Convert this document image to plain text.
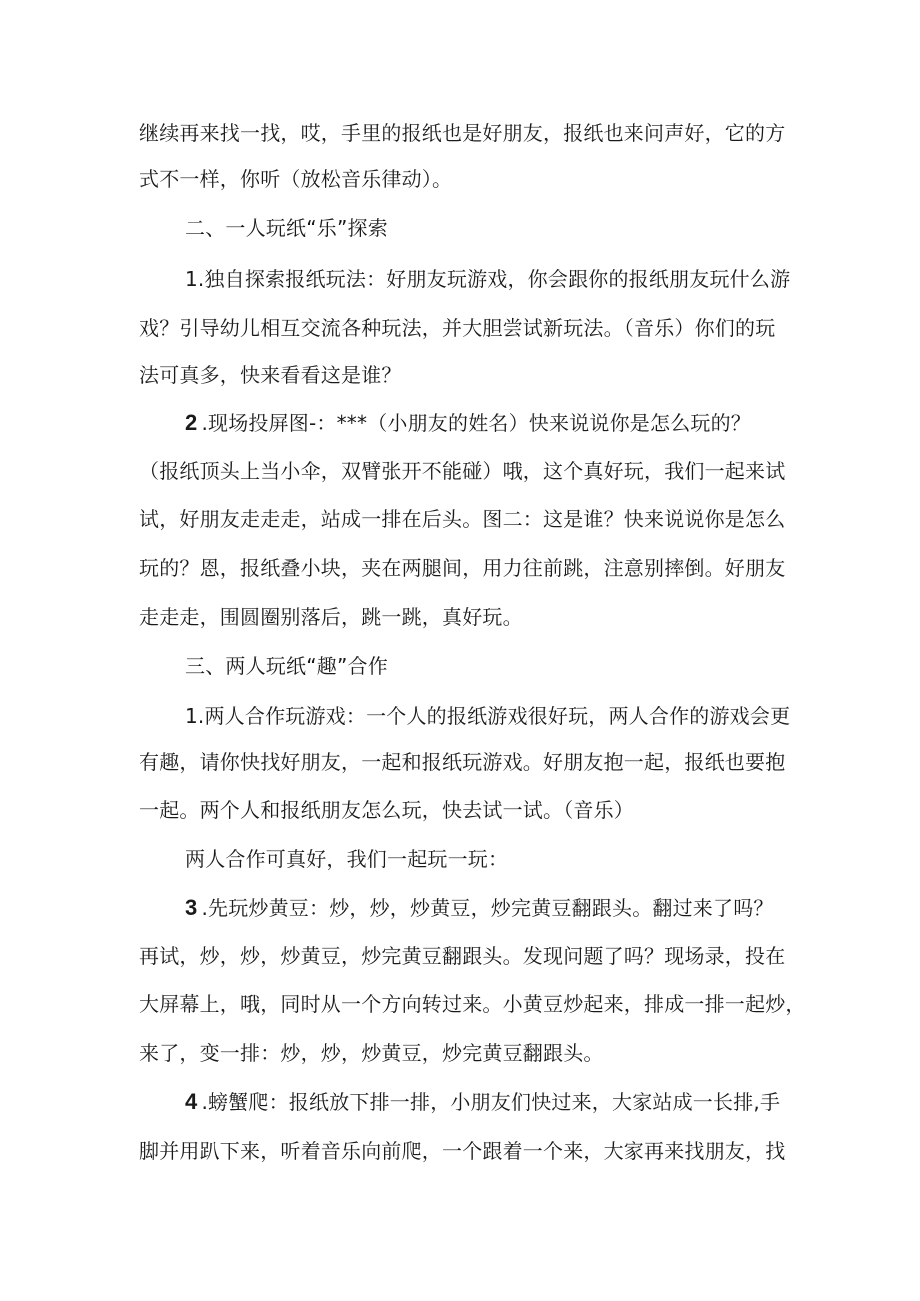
继续再来找一找，哎，手里的报纸也是好朋友，报纸也来问声好，它的方
式不一样，你听（放松音乐律动）。
二、一人玩纸“乐”探索
1.独自探索报纸玩法：好朋友玩游戏，你会跟你的报纸朋友玩什么游
戏？引导幼儿相互交流各种玩法，并大胆尝试新玩法。（音乐）你们的玩
法可真多，快来看看这是谁？
2 .现场投屏图-：***（小朋友的姓名）快来说说你是怎么玩的？
（报纸顶头上当小伞，双臂张开不能碰）哦，这个真好玩，我们一起来试
试，好朋友走走走，站成一排在后头。图二：这是谁？快来说说你是怎么
玩的？恩，报纸叠小块，夹在两腿间，用力往前跳，注意别摔倒。好朋友
走走走，围圆圈别落后，跳一跳，真好玩。
三、两人玩纸“趣”合作
1.两人合作玩游戏：一个人的报纸游戏很好玩，两人合作的游戏会更
有趣，请你快找好朋友，一起和报纸玩游戏。好朋友抱一起，报纸也要抱
一起。两个人和报纸朋友怎么玩，快去试一试。（音乐）
两人合作可真好，我们一起玩一玩：
3 .先玩炒黄豆：炒，炒，炒黄豆，炒完黄豆翻跟头。翻过来了吗？
再试，炒，炒，炒黄豆，炒完黄豆翻跟头。发现问题了吗？现场录，投在
大屏幕上，哦，同时从一个方向转过来。小黄豆炒起来，排成一排一起炒，
来了，变一排：炒，炒，炒黄豆，炒完黄豆翻跟头。
4 .螃蟹爬：报纸放下排一排，小朋友们快过来，大家站成一长排,手
脚并用趴下来，听着音乐向前爬，一个跟着一个来，大家再来找朋友，找
